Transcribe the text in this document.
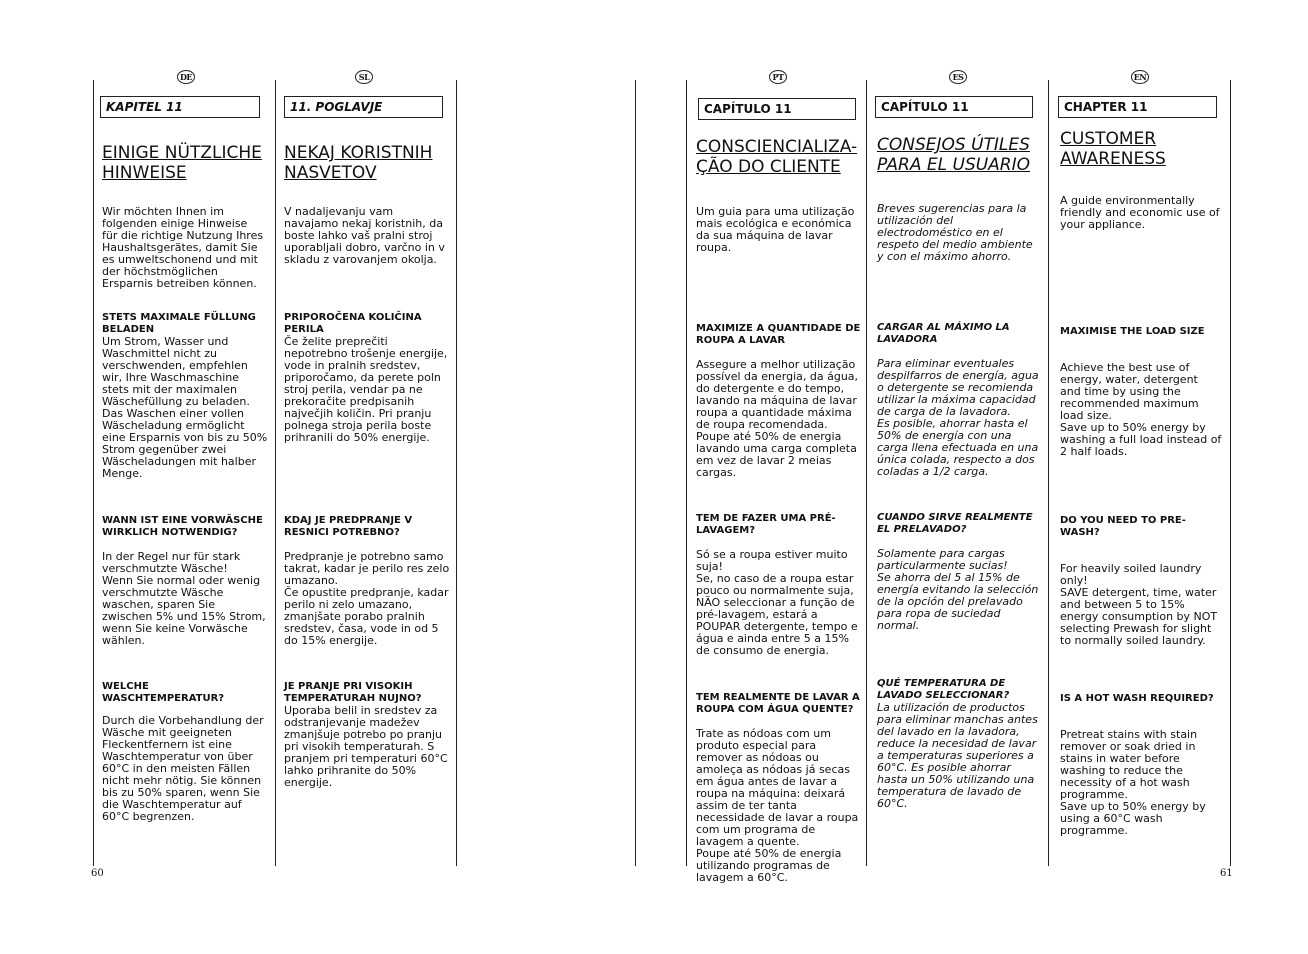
DE
KAPITEL 11
EINIGE NÜTZLICHE
HINWEISE
Wir möchten Ihnen im folgenden einige Hinweise für die richtige Nutzung Ihres Haushaltsgerätes, damit Sie es umweltschonend und mit der höchstmöglichen Ersparnis betreiben können.
STETS MAXIMALE FÜLLUNG BELADEN
Um Strom, Wasser und Waschmittel nicht zu verschwenden, empfehlen wir, Ihre Waschmaschine stets mit der maximalen Wäschefüllung zu beladen. Das Waschen einer vollen Wäscheladung ermöglicht eine Ersparnis von bis zu 50% Strom gegenüber zwei Wäscheladungen mit halber Menge.

WANN IST EINE VORWÄSCHE WIRKLICH NOTWENDIG?

In der Regel nur für stark verschmutzte Wäsche!
Wenn Sie normal oder wenig verschmutzte Wäsche waschen, sparen Sie zwischen 5% und 15% Strom, wenn Sie keine Vorwäsche wählen.

WELCHE WASCHTEMPERATUR?
Durch die Vorbehandlung der Wäsche mit geeigneten Fleckentfernern ist eine Waschtemperatur von über 60°C in den meisten Fällen nicht mehr nötig. Sie können bis zu 50% sparen, wenn Sie die Waschtemperatur auf 60°C begrenzen.
SL
11. POGLAVJE
NEKAJ KORISTNIH
NASVETOV
V nadaljevanju vam navajamo nekaj koristnih, da boste lahko vaš pralni stroj uporabljali dobro, varčno in v skladu z varovanjem okolja.
PRIPOROČENA KOLIČINA PERILA
Če želite preprečiti nepotrebno trošenje energije, vode in pralnih sredstev, priporočamo, da perete poln stroj perila, vendar pa ne prekoračite predpisanih največjih količin. Pri pranju polnega stroja perila boste prihranili do 50% energije.

KDAJ JE PREDPRANJE V RESNICI POTREBNO?

Predpranje je potrebno samo takrat, kadar je perilo res zelo umazano.
Če opustite predpranje, kadar perilo ni zelo umazano, zmanjšate porabo pralnih sredstev, časa, vode in od 5 do 15% energije.

JE PRANJE PRI VISOKIH TEMPERATURAH NUJNO?
Uporaba belil in sredstev za odstranjevanje madežev zmanjšuje potrebo po pranju pri visokih temperaturah. S pranjem pri temperaturi 60°C lahko prihranite do 50% energije.
PT
CAPÍTULO 11
CONSCIENCIALIZA-
ÇÃO DO CLIENTE
Um guia para uma utilização mais ecológica e económica da sua máquina de lavar roupa.

MAXIMIZE A QUANTIDADE DE ROUPA A LAVAR

Assegure a melhor utilização possível da energia, da água, do detergente e do tempo, lavando na máquina de lavar roupa a quantidade máxima de roupa recomendada.
Poupe até 50% de energia lavando uma carga completa em vez de lavar 2 meias cargas.

TEM DE FAZER UMA PRÉ-LAVAGEM?

Só se a roupa estiver muito suja!
Se, no caso de a roupa estar pouco ou normalmente suja, NÃO seleccionar a função de pré-lavagem, estará a POUPAR detergente, tempo e água e ainda entre 5 a 15% de consumo de energia.

TEM REALMENTE DE LAVAR A ROUPA COM ÁGUA QUENTE?

Trate as nódoas com um produto especial para remover as nódoas ou amoleça as nódoas já secas em água antes de lavar a roupa na máquina: deixará assim de ter tanta necessidade de lavar a roupa com um programa de lavagem a quente.
Poupe até 50% de energia utilizando programas de lavagem a 60°C.

ES
CAPÍTULO 11
CONSEJOS ÚTILES
PARA EL USUARIO
Breves sugerencias para la utilización del electrodoméstico en el respeto del medio ambiente y con el máximo ahorro.

CARGAR AL MÁXIMO LA LAVADORA

Para eliminar eventuales despilfarros de energía, agua o detergente se recomienda utilizar la máxima capacidad de carga de la lavadora.
Es posible, ahorrar hasta el 50% de energía con una carga llena efectuada en una única colada, respecto a dos coladas a 1/2 carga.

CUANDO SIRVE REALMENTE EL PRELAVADO?

Solamente para cargas particularmente sucias!
Se ahorra del 5 al 15% de energía evitando la selección de la opción del prelavado para ropa de suciedad normal.

QUÉ TEMPERATURA DE LAVADO SELECCIONAR?
La utilización de productos para eliminar manchas antes del lavado en la lavadora, reduce la necesidad de lavar a temperaturas superiores a 60°C. Es posible ahorrar hasta un 50% utilizando una temperatura de lavado de 60°C.
EN
CHAPTER 11
CUSTOMER
AWARENESS
A guide environmentally friendly and economic use of your appliance.

MAXIMISE THE LOAD SIZE

Achieve the best use of energy, water, detergent and time by using the recommended maximum load size.
Save up to 50% energy by washing a full load instead of 2 half loads.

DO YOU NEED TO PRE-WASH?

For heavily soiled laundry only!
SAVE detergent, time, water and between 5 to 15% energy consumption by NOT selecting Prewash for slight to normally soiled laundry.

IS A HOT WASH REQUIRED?

Pretreat stains with stain remover or soak dried in stains in water before washing to reduce the necessity of a hot wash programme.
Save up to 50% energy by using a 60°C wash programme.

60	61
